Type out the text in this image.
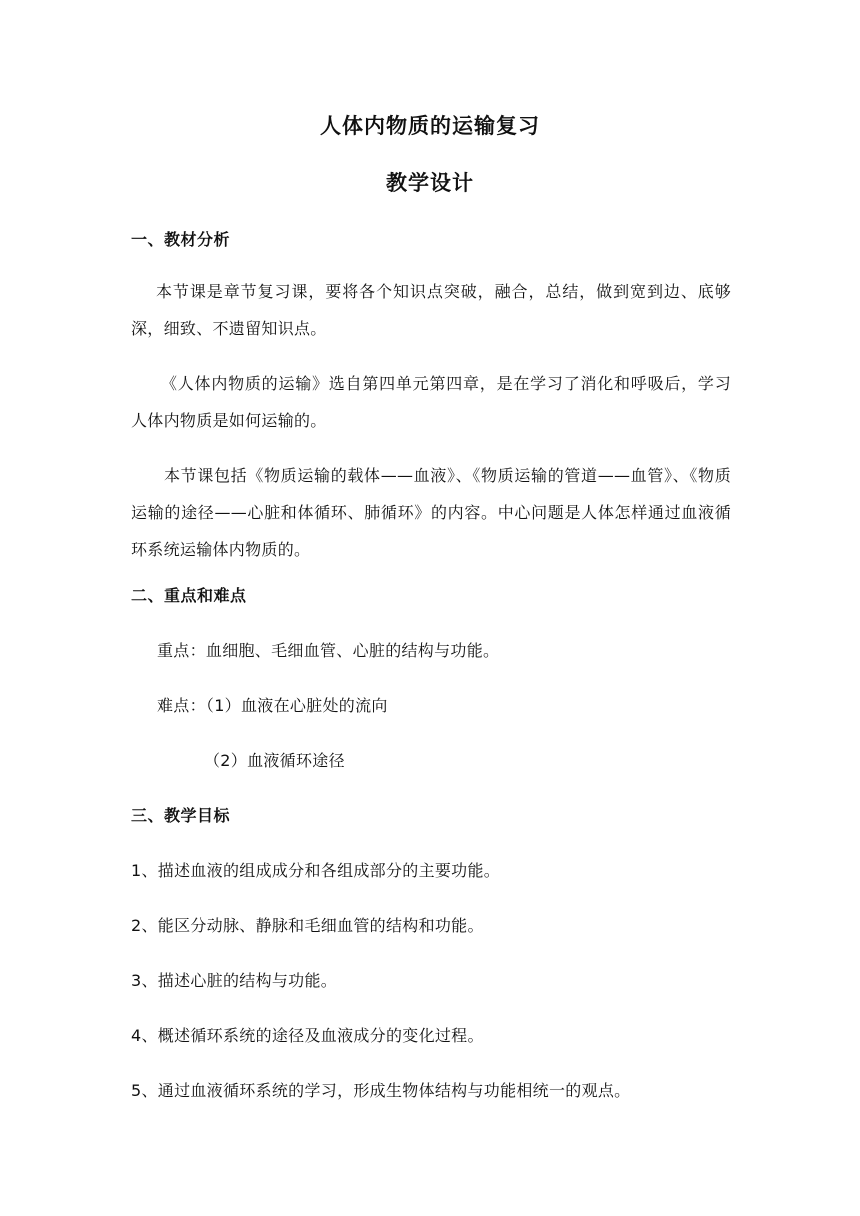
人体内物质的运输复习
教学设计
一、教材分析
本节课是章节复习课，要将各个知识点突破，融合，总结，做到宽到边、底够深，细致、不遗留知识点。
《人体内物质的运输》选自第四单元第四章，是在学习了消化和呼吸后，学习人体内物质是如何运输的。
本节课包括《物质运输的载体——血液》、《物质运输的管道——血管》、《物质运输的途径——心脏和体循环、肺循环》的内容。中心问题是人体怎样通过血液循环系统运输体内物质的。
二、重点和难点
重点：血细胞、毛细血管、心脏的结构与功能。
难点：（1）血液在心脏处的流向
（2）血液循环途径
三、教学目标
1、描述血液的组成成分和各组成部分的主要功能。
2、能区分动脉、静脉和毛细血管的结构和功能。
3、描述心脏的结构与功能。
4、概述循环系统的途径及血液成分的变化过程。
5、通过血液循环系统的学习，形成生物体结构与功能相统一的观点。
